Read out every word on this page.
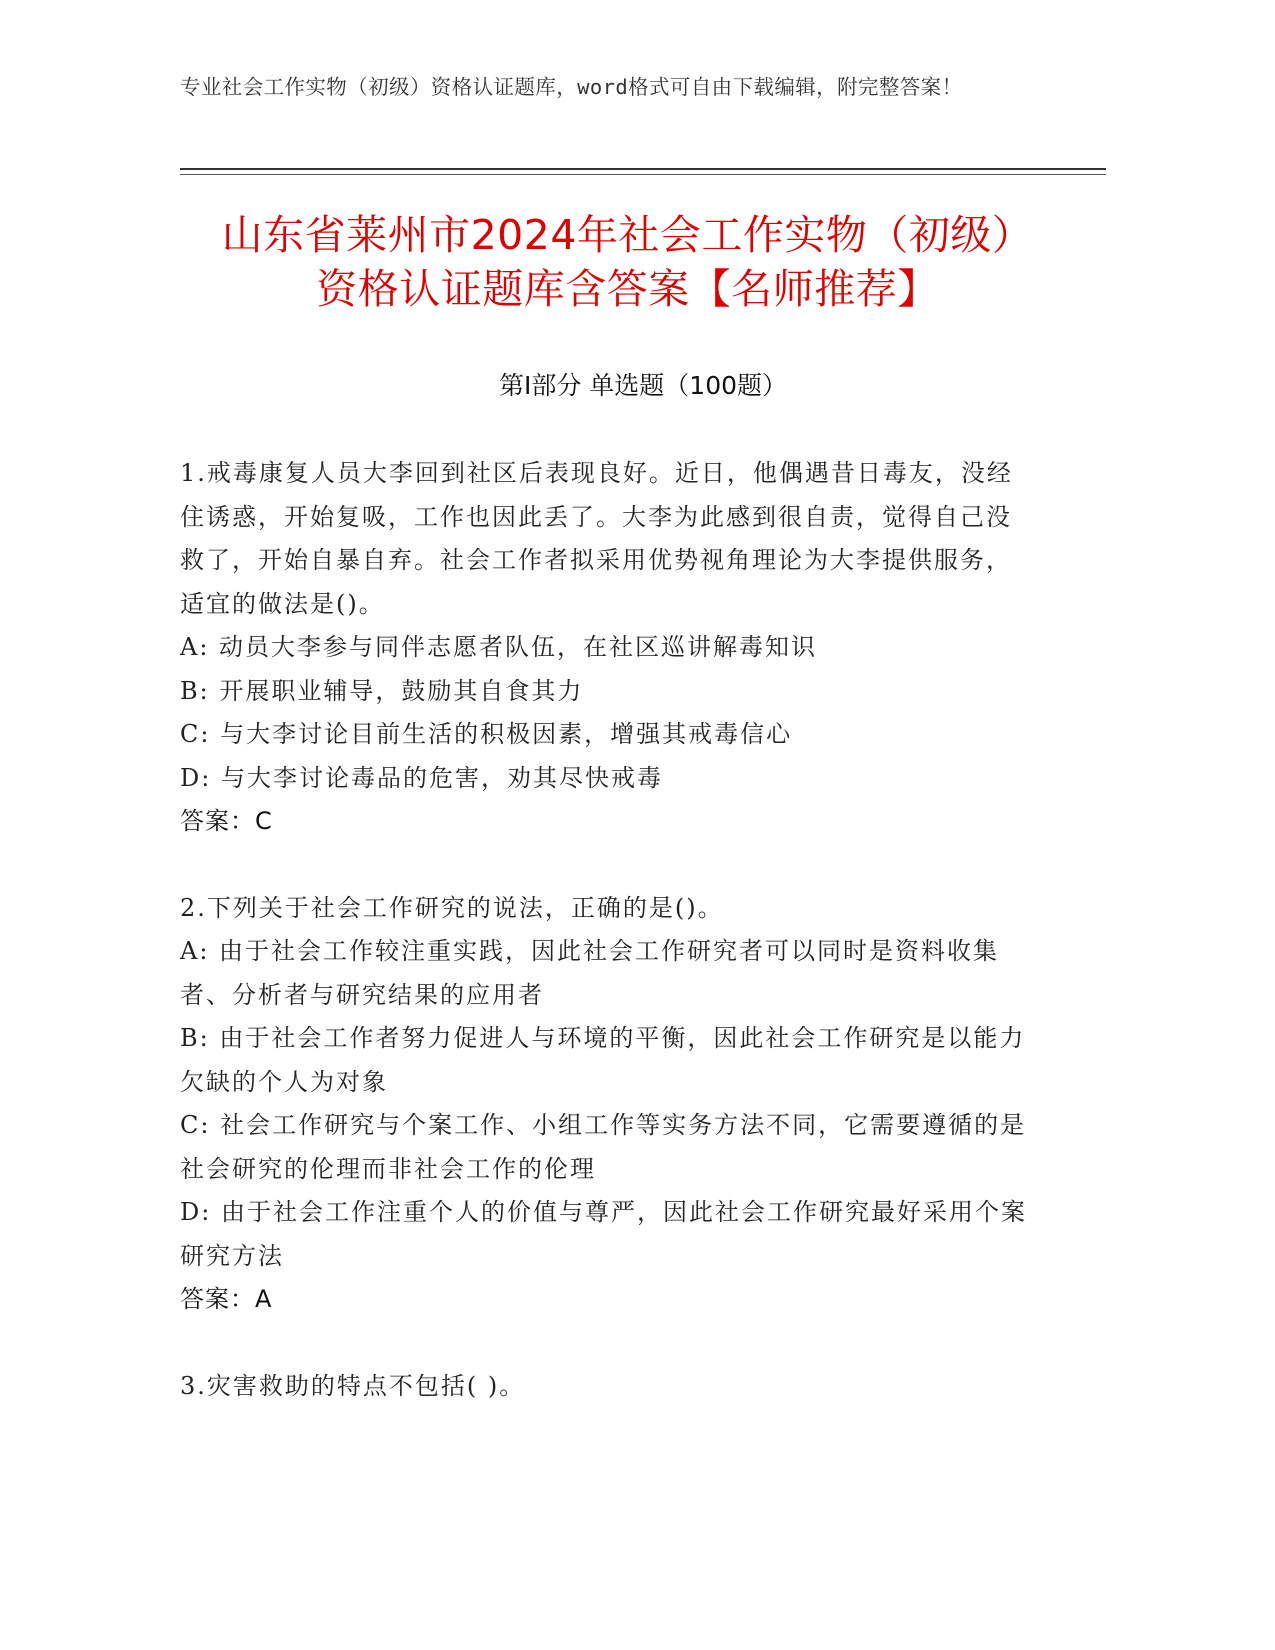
专业社会工作实物（初级）资格认证题库，word格式可自由下载编辑，附完整答案！
山东省莱州市2024年社会工作实物（初级）
资格认证题库含答案【名师推荐】
第Ⅰ部分 单选题（100题）

1.戒毒康复人员大李回到社区后表现良好。近日，他偶遇昔日毒友，没经住诱惑，开始复吸，工作也因此丢了。大李为此感到很自责，觉得自己没救了，开始自暴自弃。社会工作者拟采用优势视角理论为大李提供服务，适宜的做法是()。

A: 动员大李参与同伴志愿者队伍，在社区巡讲解毒知识

B: 开展职业辅导，鼓励其自食其力

C: 与大李讨论目前生活的积极因素，增强其戒毒信心

D: 与大李讨论毒品的危害，劝其尽快戒毒

答案：C

2.下列关于社会工作研究的说法，正确的是()。

A: 由于社会工作较注重实践，因此社会工作研究者可以同时是资料收集者、分析者与研究结果的应用者

B: 由于社会工作者努力促进人与环境的平衡，因此社会工作研究是以能力欠缺的个人为对象

C: 社会工作研究与个案工作、小组工作等实务方法不同，它需要遵循的是社会研究的伦理而非社会工作的伦理

D: 由于社会工作注重个人的价值与尊严，因此社会工作研究最好采用个案研究方法

答案：A

3.灾害救助的特点不包括( )。
